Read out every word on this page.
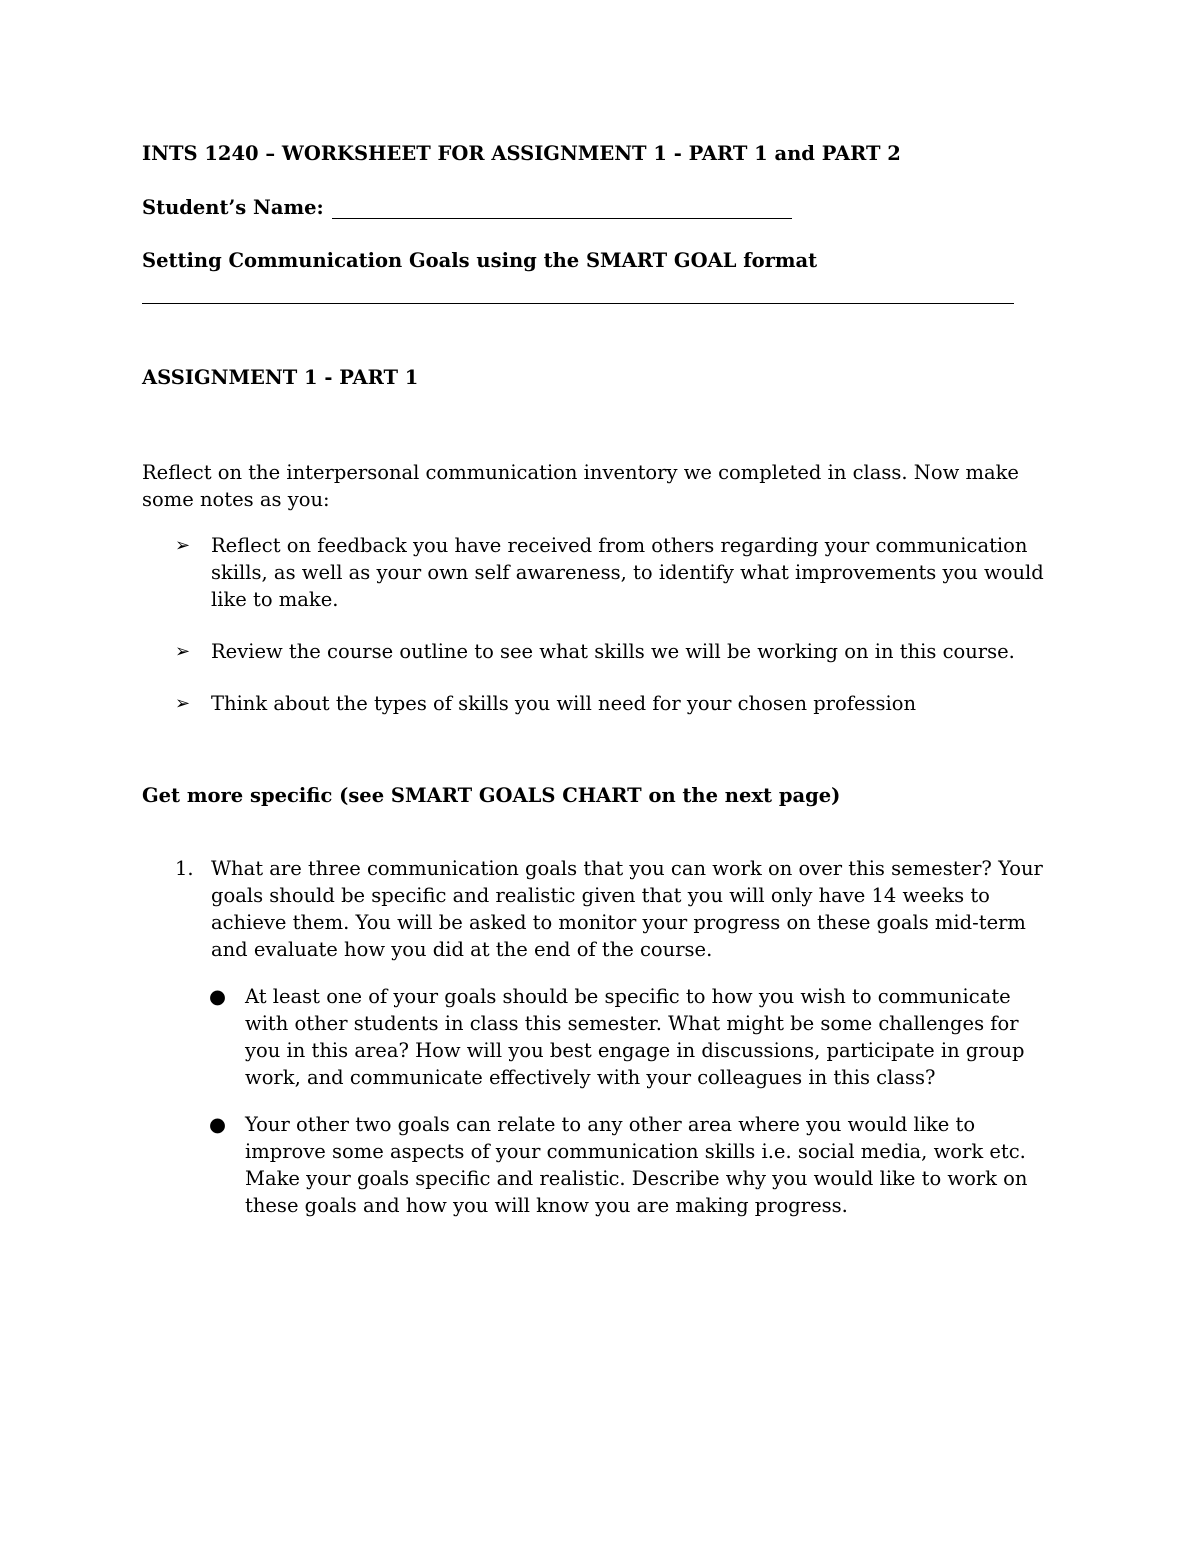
INTS 1240 – WORKSHEET FOR ASSIGNMENT 1 - PART 1 and PART 2
Student’s Name:
Setting Communication Goals using the SMART GOAL format
ASSIGNMENT 1 - PART 1
Reflect on the interpersonal communication inventory we completed in class. Now make some notes as you:
➢	Reflect on feedback you have received from others regarding your communication skills, as well as your own self awareness, to identify what improvements you would like to make.
➢	Review the course outline to see what skills we will be working on in this course.
➢	Think about the types of skills you will need for your chosen profession
Get more specific (see SMART GOALS CHART on the next page)
1. What are three communication goals that you can work on over this semester? Your goals should be specific and realistic given that you will only have 14 weeks to achieve them. You will be asked to monitor your progress on these goals mid-term and evaluate how you did at the end of the course.
● At least one of your goals should be specific to how you wish to communicate with other students in class this semester. What might be some challenges for you in this area? How will you best engage in discussions, participate in group work, and communicate effectively with your colleagues in this class?
● Your other two goals can relate to any other area where you would like to improve some aspects of your communication skills i.e. social media, work etc. Make your goals specific and realistic. Describe why you would like to work on these goals and how you will know you are making progress.
